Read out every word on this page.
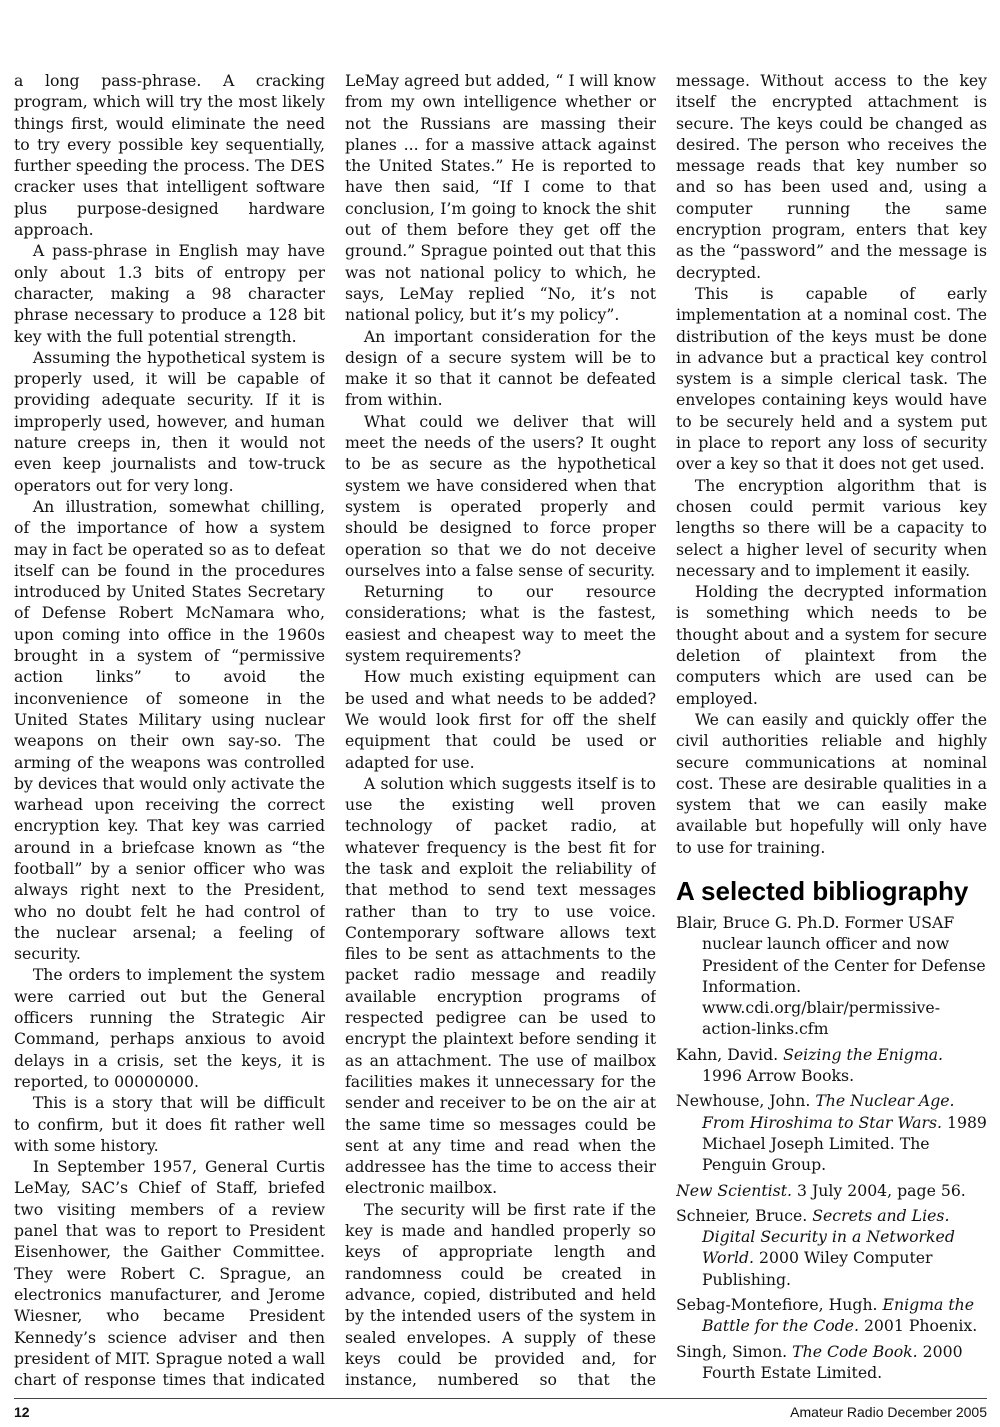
a long pass-phrase. A cracking program, which will try the most likely things first, would eliminate the need to try every possible key sequentially, further speeding the process. The DES cracker uses that intelligent software plus purpose-designed hardware approach.

A pass-phrase in English may have only about 1.3 bits of entropy per character, making a 98 character phrase necessary to produce a 128 bit key with the full potential strength.

Assuming the hypothetical system is properly used, it will be capable of providing adequate security. If it is improperly used, however, and human nature creeps in, then it would not even keep journalists and tow-truck operators out for very long.

An illustration, somewhat chilling, of the importance of how a system may in fact be operated so as to defeat itself can be found in the procedures introduced by United States Secretary of Defense Robert McNamara who, upon coming into office in the 1960s brought in a system of “permissive action links” to avoid the inconvenience of someone in the United States Military using nuclear weapons on their own say-so. The arming of the weapons was controlled by devices that would only activate the warhead upon receiving the correct encryption key. That key was carried around in a briefcase known as “the football” by a senior officer who was always right next to the President, who no doubt felt he had control of the nuclear arsenal; a feeling of security.

The orders to implement the system were carried out but the General officers running the Strategic Air Command, perhaps anxious to avoid delays in a crisis, set the keys, it is reported, to 00000000.

This is a story that will be difficult to confirm, but it does fit rather well with some history.

In September 1957, General Curtis LeMay, SAC’s Chief of Staff, briefed two visiting members of a review panel that was to report to President Eisenhower, the Gaither Committee. They were Robert C. Sprague, an electronics manufacturer, and Jerome Wiesner, who became President Kennedy’s science adviser and then president of MIT. Sprague noted a wall chart of response times that indicated

LeMay agreed but added, “ I will know from my own intelligence whether or not the Russians are massing their planes ... for a massive attack against the United States.” He is reported to have then said, “If I come to that conclusion, I’m going to knock the shit out of them before they get off the ground.” Sprague pointed out that this was not national policy to which, he says, LeMay replied “No, it’s not national policy, but it’s my policy”.

An important consideration for the design of a secure system will be to make it so that it cannot be defeated from within.

What could we deliver that will meet the needs of the users? It ought to be as secure as the hypothetical system we have considered when that system is operated properly and should be designed to force proper operation so that we do not deceive ourselves into a false sense of security.

Returning to our resource considerations; what is the fastest, easiest and cheapest way to meet the system requirements?

How much existing equipment can be used and what needs to be added? We would look first for off the shelf equipment that could be used or adapted for use.

A solution which suggests itself is to use the existing well proven technology of packet radio, at whatever frequency is the best fit for the task and exploit the reliability of that method to send text messages rather than to try to use voice. Contemporary software allows text files to be sent as attachments to the packet radio message and readily available encryption programs of respected pedigree can be used to encrypt the plaintext before sending it as an attachment. The use of mailbox facilities makes it unnecessary for the sender and receiver to be on the air at the same time so messages could be sent at any time and read when the addressee has the time to access their electronic mailbox.

The security will be first rate if the key is made and handled properly so keys of appropriate length and randomness could be created in advance, copied, distributed and held by the intended users of the system in sealed envelopes. A supply of these keys could be provided and, for instance, numbered so that the

message. Without access to the key itself the encrypted attachment is secure. The keys could be changed as desired. The person who receives the message reads that key number so and so has been used and, using a computer running the same encryption program, enters that key as the “password” and the message is decrypted.

This is capable of early implementation at a nominal cost. The distribution of the keys must be done in advance but a practical key control system is a simple clerical task. The envelopes containing keys would have to be securely held and a system put in place to report any loss of security over a key so that it does not get used.

The encryption algorithm that is chosen could permit various key lengths so there will be a capacity to select a higher level of security when necessary and to implement it easily.

Holding the decrypted information is something which needs to be thought about and a system for secure deletion of plaintext from the computers which are used can be employed.

We can easily and quickly offer the civil authorities reliable and highly secure communications at nominal cost. These are desirable qualities in a system that we can easily make available but hopefully will only have to use for training.

A selected bibliography
Blair, Bruce G. Ph.D. Former USAF nuclear launch officer and now President of the Center for Defense Information. www.cdi.org/blair/permissive-action-links.cfm
Kahn, David. Seizing the Enigma. 1996 Arrow Books.
Newhouse, John. The Nuclear Age. From Hiroshima to Star Wars. 1989 Michael Joseph Limited. The Penguin Group.
New Scientist. 3 July 2004, page 56.
Schneier, Bruce. Secrets and Lies. Digital Security in a Networked World. 2000 Wiley Computer Publishing.
Sebag-Montefiore, Hugh. Enigma the Battle for the Code. 2001 Phoenix.
Singh, Simon. The Code Book. 2000 Fourth Estate Limited.
12	Amateur Radio December 2005
